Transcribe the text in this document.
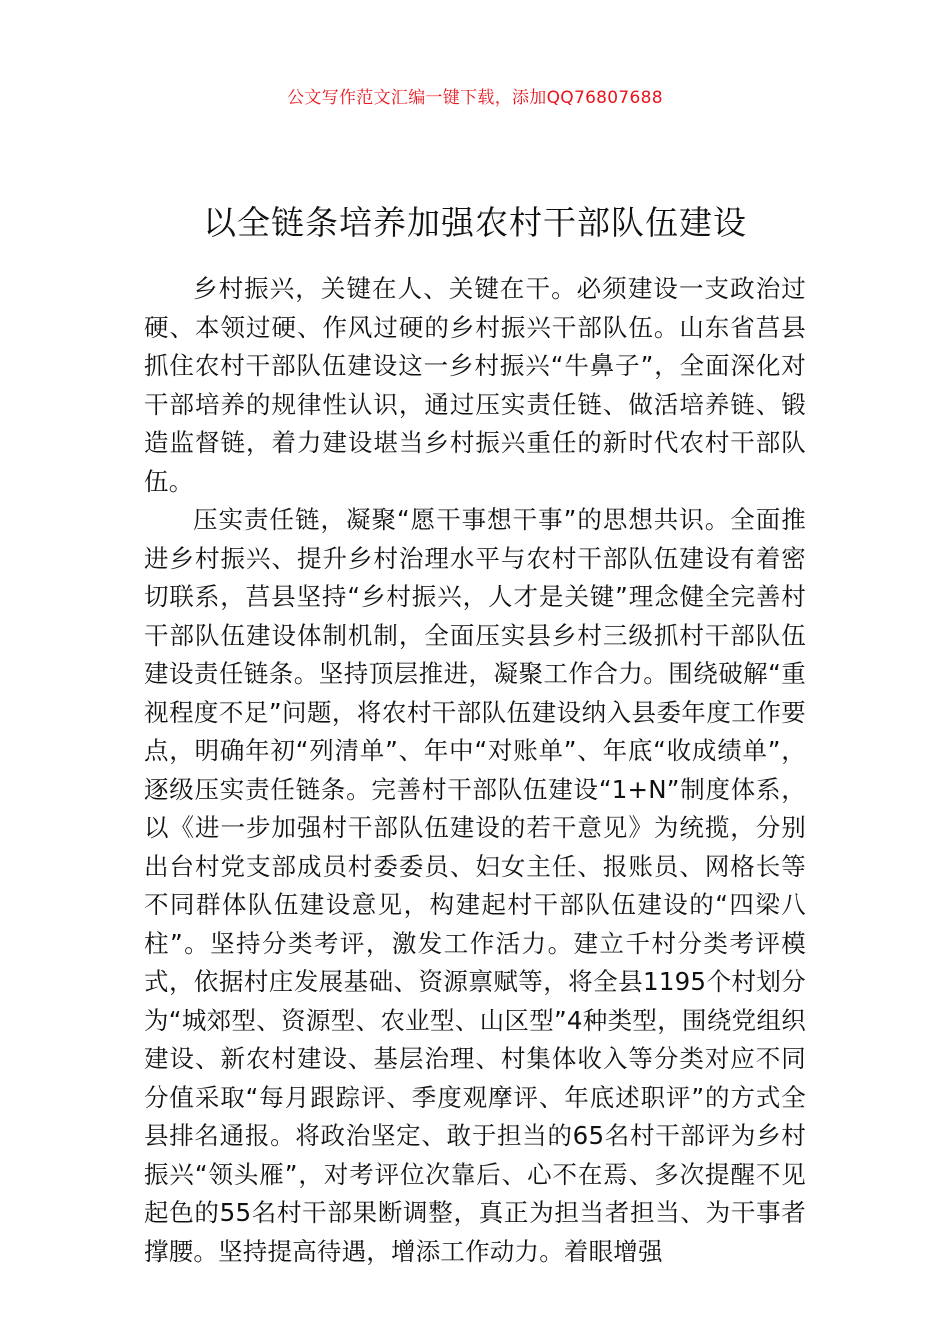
公文写作范文汇编一键下载，添加QQ76807688
以全链条培养加强农村干部队伍建设

乡村振兴，关键在人、关键在干。必须建设一支政治过硬、本领过硬、作风过硬的乡村振兴干部队伍。山东省莒县抓住农村干部队伍建设这一乡村振兴“牛鼻子”，全面深化对干部培养的规律性认识，通过压实责任链、做活培养链、锻造监督链，着力建设堪当乡村振兴重任的新时代农村干部队伍。

压实责任链，凝聚“愿干事想干事”的思想共识。全面推进乡村振兴、提升乡村治理水平与农村干部队伍建设有着密切联系，莒县坚持“乡村振兴，人才是关键”理念健全完善村干部队伍建设体制机制，全面压实县乡村三级抓村干部队伍建设责任链条。坚持顶层推进，凝聚工作合力。围绕破解“重视程度不足”问题，将农村干部队伍建设纳入县委年度工作要点，明确年初“列清单”、年中“对账单”、年底“收成绩单”，逐级压实责任链条。完善村干部队伍建设“1+N”制度体系，以《进一步加强村干部队伍建设的若干意见》为统揽，分别出台村党支部成员村委委员、妇女主任、报账员、网格长等不同群体队伍建设意见，构建起村干部队伍建设的“四梁八柱”。坚持分类考评，激发工作活力。建立千村分类考评模式，依据村庄发展基础、资源禀赋等，将全县1195个村划分为“城郊型、资源型、农业型、山区型”4种类型，围绕党组织建设、新农村建设、基层治理、村集体收入等分类对应不同分值采取“每月跟踪评、季度观摩评、年底述职评”的方式全县排名通报。将政治坚定、敢于担当的65名村干部评为乡村振兴“领头雁”，对考评位次靠后、心不在焉、多次提醒不见起色的55名村干部果断调整，真正为担当者担当、为干事者撑腰。坚持提高待遇，增添工作动力。着眼增强
